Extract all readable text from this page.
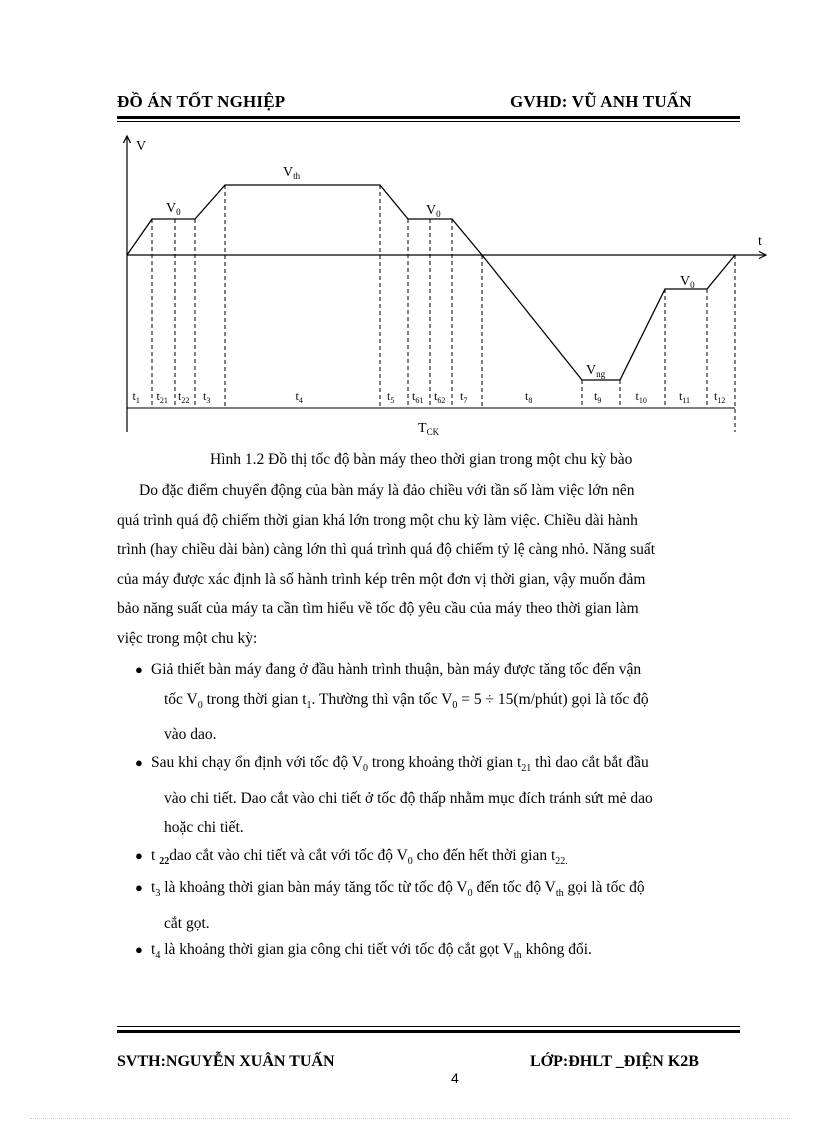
ĐỒ ÁN TỐT NGHIỆP	GVHD: VŨ ANH TUẤN
V
t
$V_{th}$
$V_0$	$V_0$
$V_0$
$V_{ng}$
$t_1$ $t_{21}$ $t_{22}$ $t_3$	$t_4$	$t_5$ $t_{61}$ $t_{62}$ $t_7$	$t_8$	$t_9$	$t_{10}$	$t_{11}$ $t_{12}$
$T_{CK}$
Hình 1.2 Đồ thị tốc độ bàn máy theo thời gian trong một chu kỳ bào
Do đặc điểm chuyển động của bàn máy là đảo chiều với tần số làm việc lớn nên
quá trình quá độ chiếm thời gian khá lớn trong một chu kỳ làm việc. Chiều dài hành
trình (hay chiều dài bàn) càng lớn thì quá trình quá độ chiếm tỷ lệ càng nhỏ. Năng suất
của máy được xác định là số hành trình kép trên một đơn vị thời gian, vậy muốn đảm
bảo năng suất của máy ta cần tìm hiểu về tốc độ yêu cầu của máy theo thời gian làm
việc trong một chu kỳ:
● Giả thiết bàn máy đang ở đầu hành trình thuận, bàn máy được tăng tốc đến vận
tốc $V_0$ trong thời gian $t_1$. Thường thì vận tốc $V_0 = 5$ ÷ 15(m/phút) gọi là tốc độ
vào dao.
● Sau khi chạy ổn định với tốc độ $V_0$ trong khoảng thời gian $t_{21}$ thì dao cắt bắt đầu
vào chi tiết. Dao cắt vào chi tiết ở tốc độ thấp nhằm mục đích tránh sứt mẻ dao
hoặc chi tiết.
● t $_{22}$dao cắt vào chi tiết và cắt với tốc độ $V_0$ cho đến hết thời gian $t_{22.}$
● $t_3$ là khoảng thời gian bàn máy tăng tốc từ tốc độ $V_0$ đến tốc độ $V_{th}$ gọi là tốc độ
cắt gọt.
● $t_4$ là khoảng thời gian gia công chi tiết với tốc độ cắt gọt $V_{th}$ không đổi.
SVTH:NGUYỄN XUÂN TUẤN	LỚP:ĐHLT _ĐIỆN K2B
4
